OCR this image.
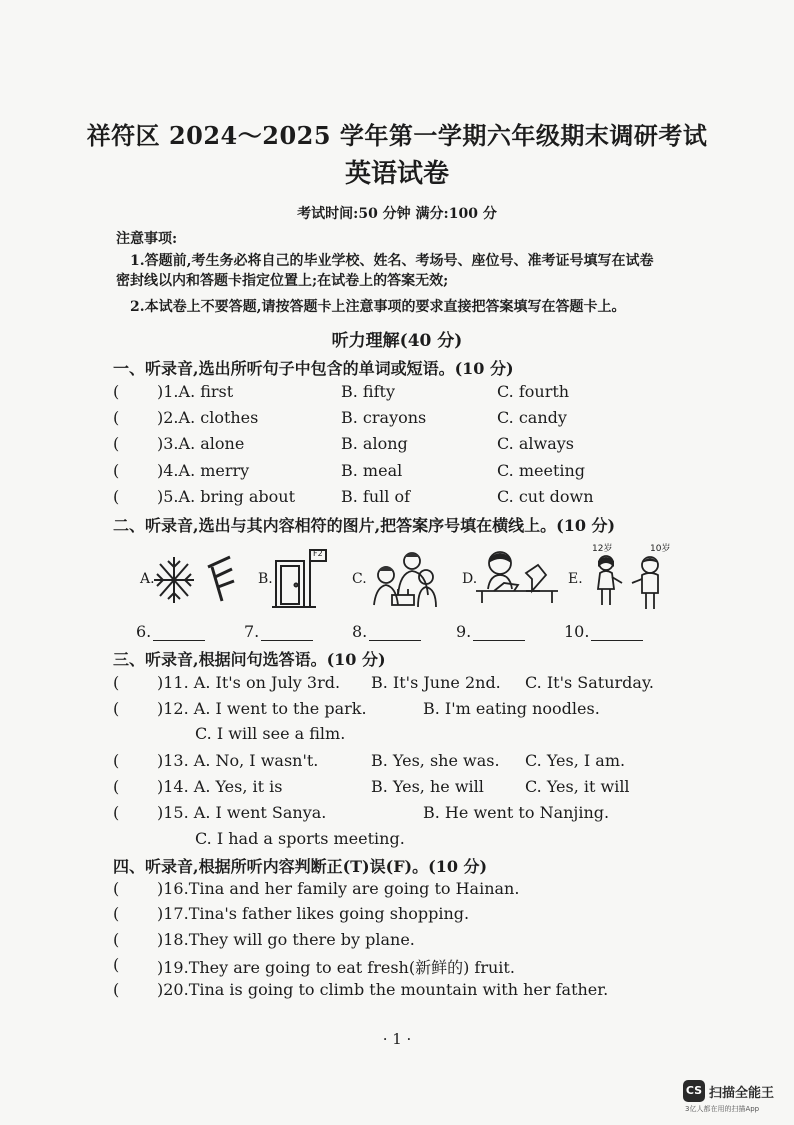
祥符区 2024～2025 学年第一学期六年级期末调研考试
英语试卷
考试时间:50 分钟 满分:100 分
注意事项:
1.答题前,考生务必将自己的毕业学校、姓名、考场号、座位号、准考证号填写在试卷
密封线以内和答题卡指定位置上;在试卷上的答案无效;
2.本试卷上不要答题,请按答题卡上注意事项的要求直接把答案填写在答题卡上。
听力理解(40 分)
一、听录音,选出所听句子中包含的单词或短语。(10 分)
( )1.A. first	B. fifty	C. fourth
( )2.A. clothes	B. crayons	C. candy
( )3.A. alone	B. along	C. always
( )4.A. merry	B. meal	C. meeting
( )5.A. bring about	B. full of	C. cut down
二、听录音,选出与其内容相符的图片,把答案序号填在横线上。(10 分)
A.	B.
F2
C.	D.	E.
12岁	10岁
6.	7.	8.	9.	10.
三、听录音,根据问句选答语。(10 分)
( )11. A. It's on July 3rd. B. It's June 2nd. C. It's Saturday.
( )12. A. I went to the park.	B. I'm eating noodles.
C. I will see a film.
( )13. A. No, I wasn't.	B. Yes, she was. C. Yes, I am.
( )14. A. Yes, it is	B. Yes, he will	C. Yes, it will
( )15. A. I went Sanya.	B. He went to Nanjing.
C. I had a sports meeting.
四、听录音,根据所听内容判断正(T)误(F)。(10 分)
( )16.Tina and her family are going to Hainan.
( )17.Tina's father likes going shopping.
( )18.They will go there by plane.
( )19.They are going to eat fresh(新鲜的) fruit.
( )20.Tina is going to climb the mountain with her father.
· 1 ·
CS 扫描全能王
3亿人都在用的扫描App
